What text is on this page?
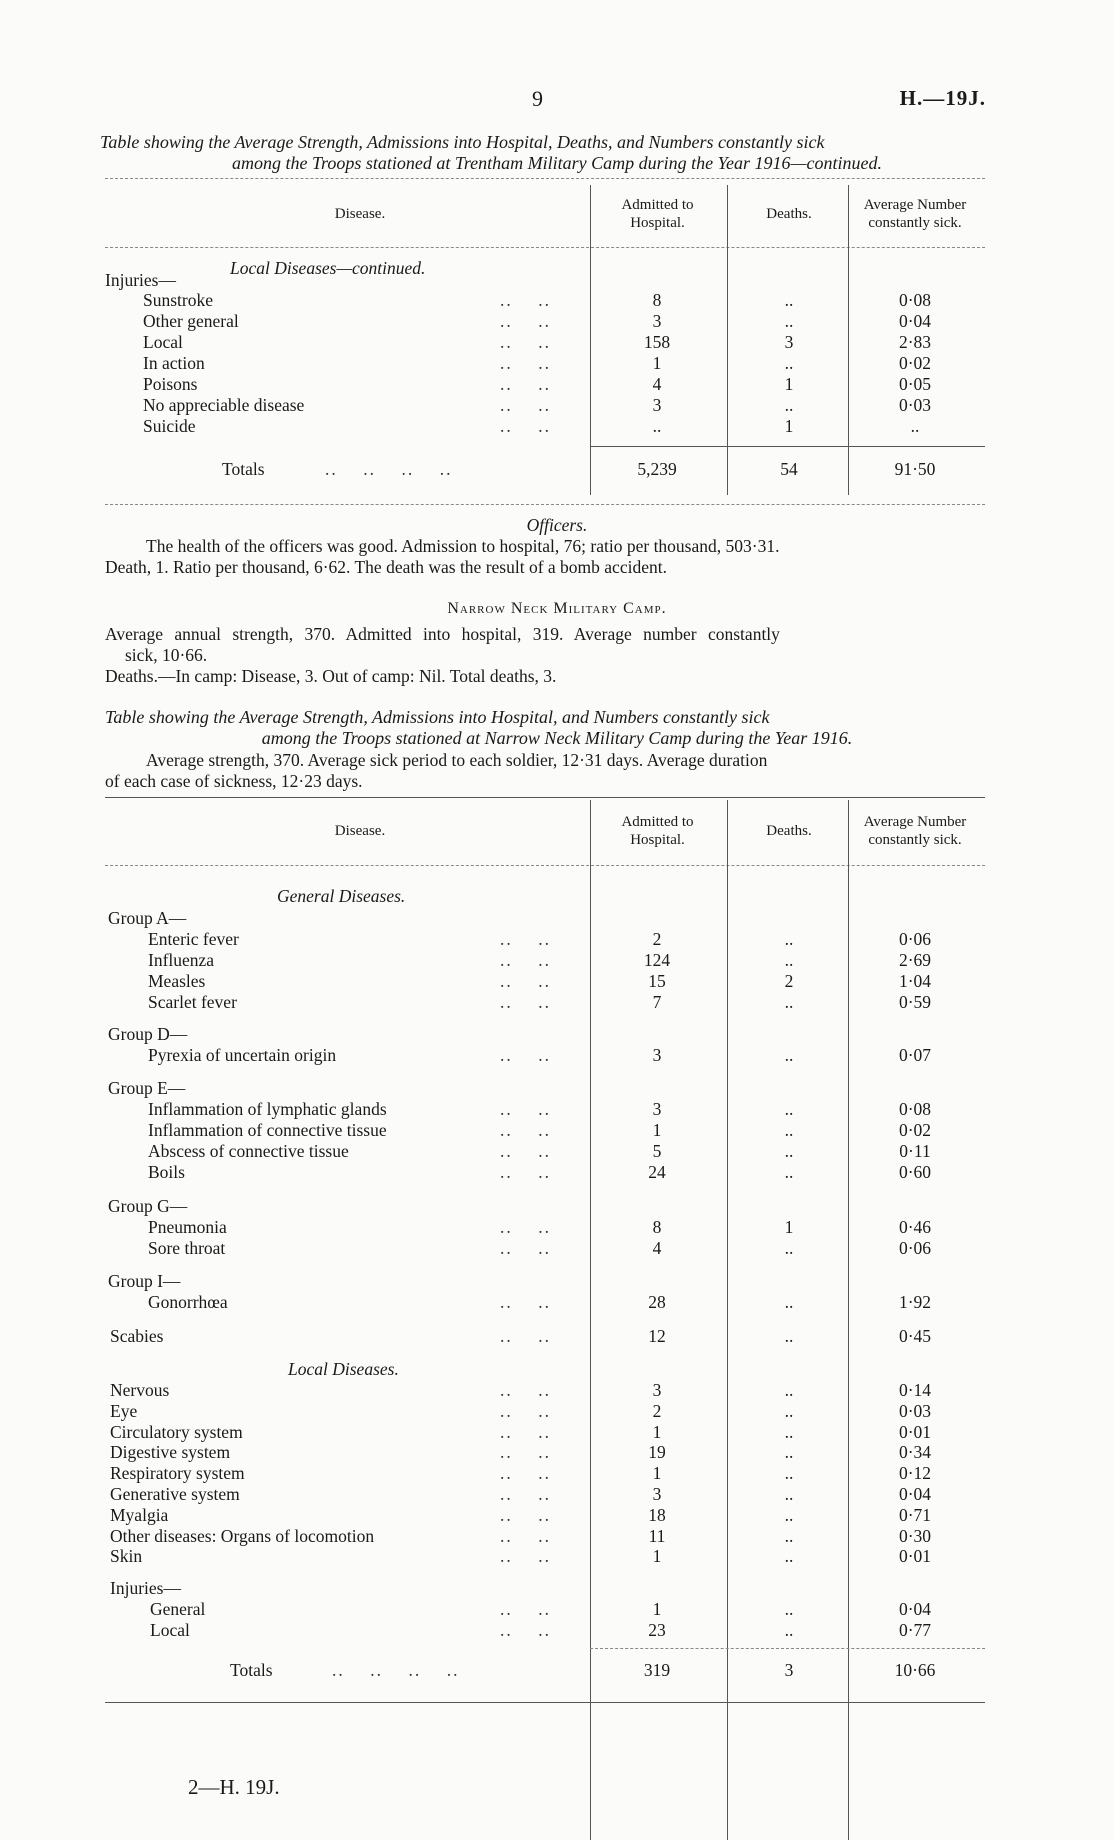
9	H.—19J.
Table showing the Average Strength, Admissions into Hospital, Deaths, and Numbers constantly sick
among the Troops stationed at Trentham Military Camp during the Year 1916—continued.
Disease.
Admitted to Hospital.
Deaths.
Average Number constantly sick.
Local Diseases—continued.
Injuries—
Sunstroke	..    ..	8	..	0·08
Other general	..    ..	3	..	0·04
Local	..    ..	158	3	2·83
In action	..    ..	1	..	0·02
Poisons	..    ..	4	1	0·05
No appreciable disease	..    ..	3	..	0·03
Suicide	..    ..	..	1	..
Totals	..    ..    ..    ..	5,239	54	91·50
Officers.
The health of the officers was good. Admission to hospital, 76; ratio per thousand, 503·31.
Death, 1. Ratio per thousand, 6·62. The death was the result of a bomb accident.
Narrow Neck Military Camp.
Average annual strength, 370. Admitted into hospital, 319. Average number constantly
sick, 10·66.
Deaths.—In camp: Disease, 3. Out of camp: Nil. Total deaths, 3.
Table showing the Average Strength, Admissions into Hospital, and Numbers constantly sick
among the Troops stationed at Narrow Neck Military Camp during the Year 1916.
Average strength, 370. Average sick period to each soldier, 12·31 days. Average duration
of each case of sickness, 12·23 days.
Disease.
Admitted to Hospital.
Deaths.
Average Number constantly sick.
General Diseases.
Group A—
Enteric fever	..    ..	2	..	0·06
Influenza	..    ..	124	..	2·69
Measles	..    ..	15	2	1·04
Scarlet fever	..    ..	7	..	0·59
Group D—
Pyrexia of uncertain origin	..    ..	3	..	0·07
Group E—
Inflammation of lymphatic glands	..    ..	3	..	0·08
Inflammation of connective tissue	..    ..	1	..	0·02
Abscess of connective tissue	..    ..	5	..	0·11
Boils	..    ..	24	..	0·60
Group G—
Pneumonia	..    ..	8	1	0·46
Sore throat	..    ..	4	..	0·06
Group I—
Gonorrhœa	..    ..	28	..	1·92
Scabies	..    ..	12	..	0·45
Local Diseases.
Nervous	..    ..	3	..	0·14
Eye	..    ..	2	..	0·03
Circulatory system	..    ..	1	..	0·01
Digestive system	..    ..	19	..	0·34
Respiratory system	..    ..	1	..	0·12
Generative system	..    ..	3	..	0·04
Myalgia	..    ..	18	..	0·71
Other diseases: Organs of locomotion	..    ..	11	..	0·30
Skin	..    ..	1	..	0·01
Injuries—
General	..    ..	1	..	0·04
Local	..    ..	23	..	0·77
Totals	..    ..    ..    ..	319	3	10·66
2—H. 19J.
